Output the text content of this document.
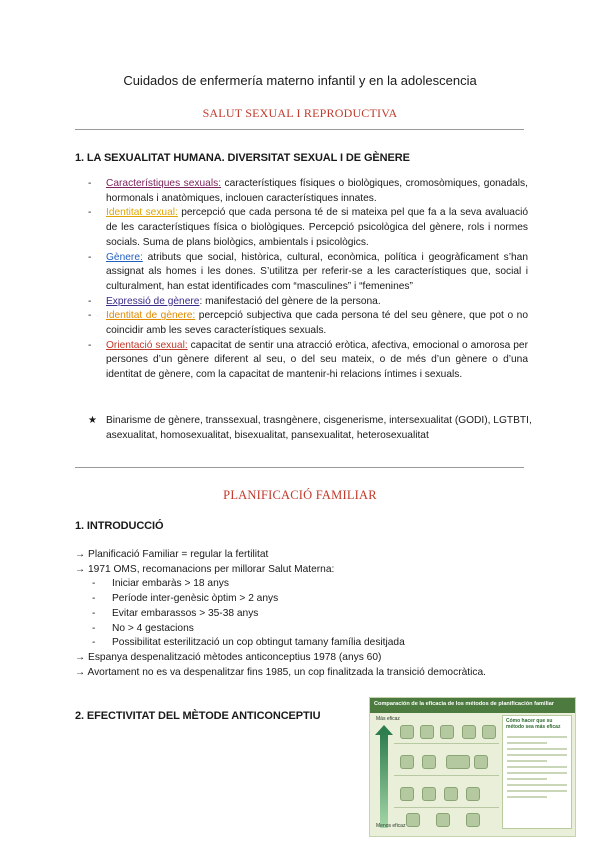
Cuidados de enfermería materno infantil y en la adolescencia
SALUT SEXUAL I REPRODUCTIVA
1. LA SEXUALITAT HUMANA. DIVERSITAT SEXUAL I DE GÈNERE
- Característiques sexuals: característiques físiques o biològiques, cromosòmiques, gonadals, hormonals i anatòmiques, inclouen característiques innates.
- Identitat sexual: percepció que cada persona té de si mateixa pel que fa a la seva avaluació de les característiques física o biològiques. Percepció psicològica del gènere, rols i normes socials. Suma de plans biològics, ambientals i psicològics.
- Gènere: atributs que social, històrica, cultural, econòmica, política i geogràficament s’han assignat als homes i les dones. S’utilitza per referir-se a les característiques que, social i culturalment, han estat identificades com “masculines” i “femenines”
- Expressió de gènere: manifestació del gènere de la persona.
- Identitat de gènere: percepció subjectiva que cada persona té del seu gènere, que pot o no coincidir amb les seves característiques sexuals.
- Orientació sexual: capacitat de sentir una atracció eròtica, afectiva, emocional o amorosa per persones d’un gènere diferent al seu, o del seu mateix, o de més d’un gènere o d’una identitat de gènere, com la capacitat de mantenir-hi relacions íntimes i sexuals.
★ Binarisme de gènere, transsexual, trasngènere, cisgenerisme, intersexualitat (GODI), LGTBTI, asexualitat, homosexualitat, bisexualitat, pansexualitat, heterosexualitat
PLANIFICACIÓ FAMILIAR
1. INTRODUCCIÓ
→ Planificació Familiar = regular la fertilitat
→ 1971 OMS, recomanacions per millorar Salut Materna:
- Iniciar embaràs > 18 anys
- Període inter-genèsic òptim > 2 anys
- Evitar embarassos > 35-38 anys
- No > 4 gestacions
- Possibilitat esterilització un cop obtingut tamany família desitjada
→ Espanya despenalització mètodes anticonceptius 1978 (anys 60)
→ Avortament no es va despenalitzar fins 1985, un cop finalitzada la transició democràtica.
2. EFECTIVITAT DEL MÈTODE ANTICONCEPTIU
Comparación de la eficacia de los métodos de planificación familiar
Más eficaz
Menos eficaz
Cómo hacer que su método sea más eficaz
